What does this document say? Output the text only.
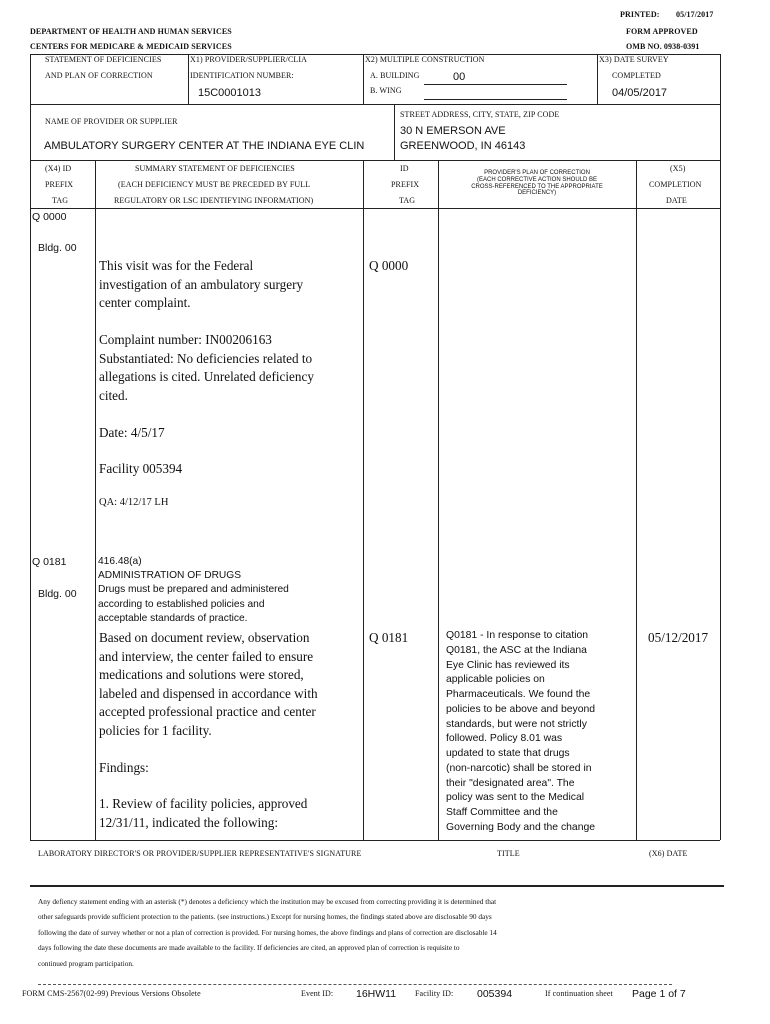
PRINTED: 05/17/2017
DEPARTMENT OF HEALTH AND HUMAN SERVICES	FORM APPROVED
CENTERS FOR MEDICARE & MEDICAID SERVICES	OMB NO. 0938-0391
STATEMENT OF DEFICIENCIES
AND PLAN OF CORRECTION
X1) PROVIDER/SUPPLIER/CLIA
IDENTIFICATION NUMBER:
15C0001013
X2) MULTIPLE CONSTRUCTION
A. BUILDING	00
B. WING
X3) DATE SURVEY
COMPLETED
04/05/2017
NAME OF PROVIDER OR SUPPLIER
AMBULATORY SURGERY CENTER AT THE INDIANA EYE CLIN
STREET ADDRESS, CITY, STATE, ZIP CODE
30 N EMERSON AVE
GREENWOOD, IN 46143
(X4) ID
PREFIX
TAG
SUMMARY STATEMENT OF DEFICIENCIES
(EACH DEFICIENCY MUST BE PRECEDED BY FULL
REGULATORY OR LSC IDENTIFYING INFORMATION)
ID
PREFIX
TAG
PROVIDER'S PLAN OF CORRECTION
(EACH CORRECTIVE ACTION SHOULD BE
CROSS-REFERENCED TO THE APPROPRIATE
DEFICIENCY)
(X5)
COMPLETION
DATE
Q 0000
Bldg. 00
This visit was for the Federal
investigation of an ambulatory surgery
center complaint.
Complaint number: IN00206163
Substantiated: No deficiencies related to
allegations is cited. Unrelated deficiency
cited.
Date: 4/5/17
Facility 005394
QA: 4/12/17 LH
Q 0000
Q 0181
Bldg. 00
416.48(a)
ADMINISTRATION OF DRUGS
Drugs must be prepared and administered
according to established policies and
acceptable standards of practice.
Based on document review, observation
and interview, the center failed to ensure
medications and solutions were stored,
labeled and dispensed in accordance with
accepted professional practice and center
policies for 1 facility.
Findings:
1. Review of facility policies, approved
12/31/11, indicated the following:
Q 0181	Q0181 - In response to citation
Q0181, the ASC at the Indiana
Eye Clinic has reviewed its
applicable policies on
Pharmaceuticals. We found the
policies to be above and beyond
standards, but were not strictly
followed. Policy 8.01 was
updated to state that drugs
(non-narcotic) shall be stored in
their "designated area". The
policy was sent to the Medical
Staff Committee and the
Governing Body and the change
05/12/2017
LABORATORY DIRECTOR'S OR PROVIDER/SUPPLIER REPRESENTATIVE'S SIGNATURE	TITLE	(X6) DATE
Any defiency statement ending with an asterisk (*) denotes a deficiency which the institution may be excused from correcting providing it is determined that
other safeguards provide sufficient protection to the patients. (see instructions.) Except for nursing homes, the findings stated above are disclosable 90 days
following the date of survey whether or not a plan of correction is provided. For nursing homes, the above findings and plans of correction are disclosable 14
days following the date these documents are made available to the facility. If deficiencies are cited, an approved plan of correction is requisite to
continued program participation.
FORM CMS-2567(02-99) Previous Versions Obsolete	Event ID: 16HW11 Facility ID: 005394	If continuation sheet Page 1 of 7
